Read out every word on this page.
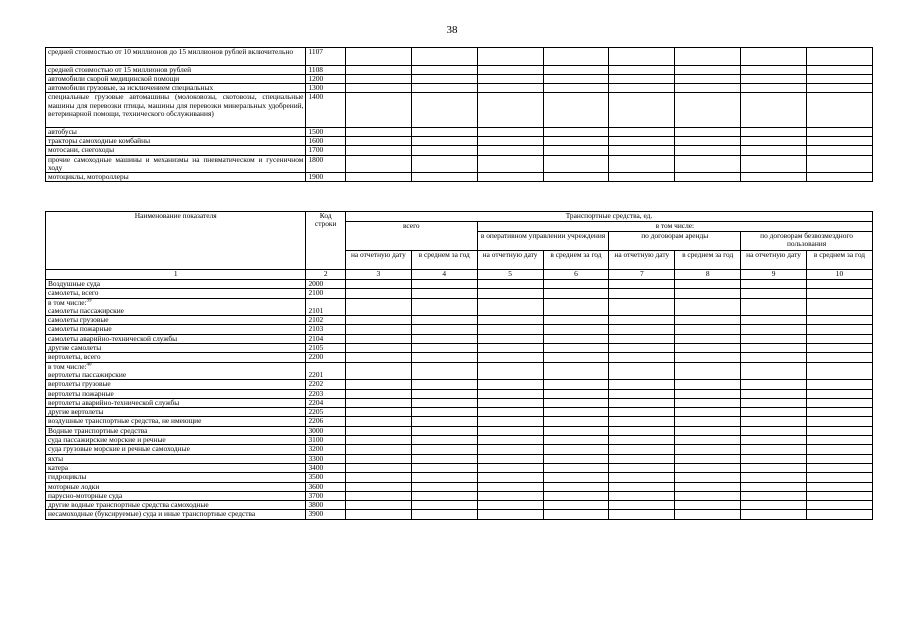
38
средней стоимостью от 10 миллионов до 15 миллионов рублей включительно	1107								
средней стоимостью от 15 миллионов рублей	1108								
автомобили скорой медицинской помощи	1200								
автомобили грузовые, за исключением специальных	1300								
специальные грузовые автомашины (молоковозы, скотовозы, специальные машины для перевозки птицы, машины для перевозки минеральных удобрений, ветеринарной помощи, технического обслуживания)	1400								
автобусы	1500								
тракторы самоходные комбайны	1600								
мотосани, снегоходы	1700								
прочие самоходные машины и механизмы на пневматическом и гусеничном ходу	1800								
мотоциклы, мотороллеры	1900								
Наименование показателя	Код строки	Транспортные средства, ед.							
		всего		в том числе:					
				в оперативном управлении учреждения		по договорам аренды		по договорам безвозмездного пользования	
		на отчетную дату	в среднем за год	на отчетную дату	в среднем за год	на отчетную дату	в среднем за год	на отчетную дату	в среднем за год
1	2	3	4	5	6	7	8	9	10
Воздушные суда	2000								
самолеты, всего	2100								
в том числе:$^{39}$
самолеты пассажирские	2101								
самолеты грузовые	2102								
самолеты пожарные	2103								
самолеты аварийно-технической службы	2104								
другие самолеты	2105								
вертолеты, всего	2200								
в том числе:$^{40}$
вертолеты пассажирские	2201								
вертолеты грузовые	2202								
вертолеты пожарные	2203								
вертолеты аварийно-технической службы	2204								
другие вертолеты	2205								
воздушные транспортные средства, не имеющие	2206								
Водные транспортные средства	3000								
суда пассажирские морские и речные	3100								
суда грузовые морские и речные самоходные	3200								
яхты	3300								
катера	3400								
гидроциклы	3500								
моторные лодки	3600								
парусно-моторные суда	3700								
другие водные транспортные средства самоходные	3800								
несамоходные (буксируемые) суда и иные транспортные средства	3900								
